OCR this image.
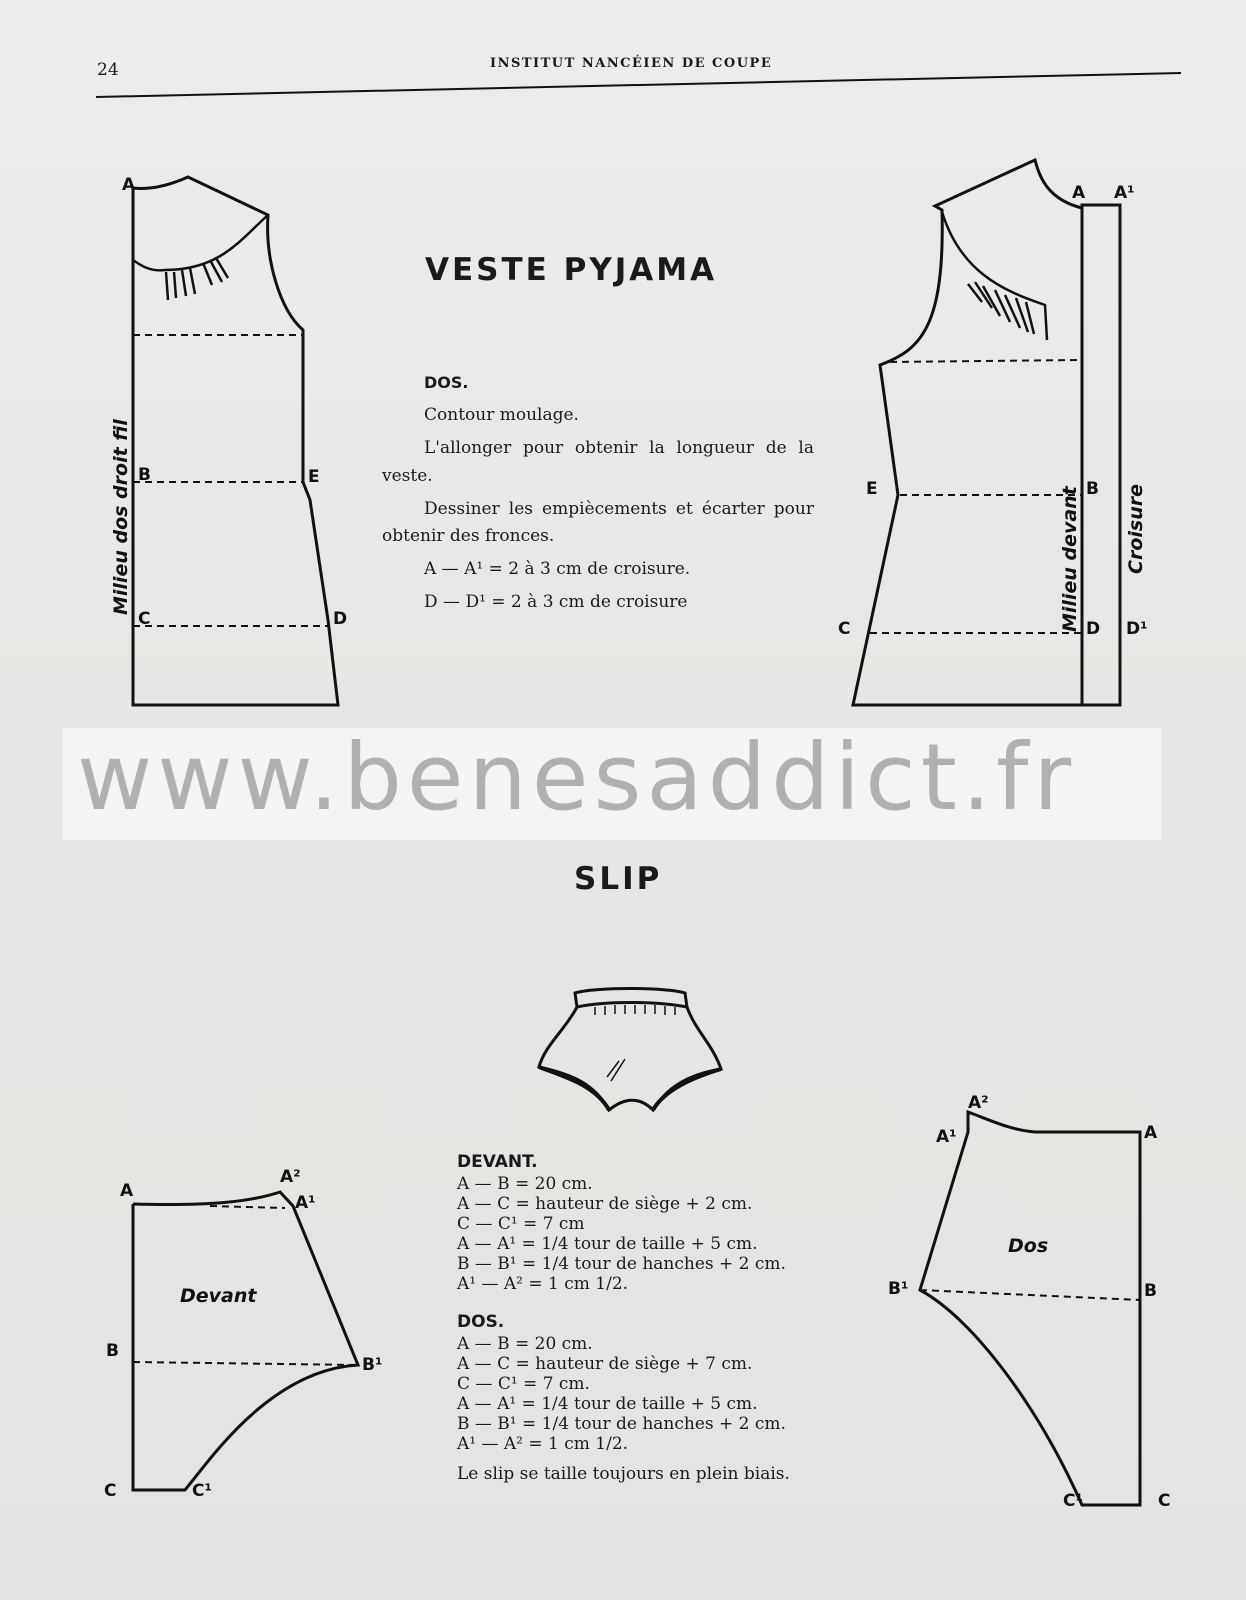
24	INSTITUT NANCÉIEN DE COUPE
VESTE PYJAMA
DOS.

Contour moulage.

L'allonger pour obtenir la longueur de la veste.

Dessiner les empiècements et écarter pour obtenir des fronces.

A — A¹ = 2 à 3 cm de croisure.

D — D¹ = 2 à 3 cm de croisure

A
B	E
C	D
Milieu dos droit fil
A A¹
E	B
C	D D¹
Milieu devant Croisure
www.benesaddict.fr
SLIP
DEVANT.
A — B = 20 cm.
A — C = hauteur de siège + 2 cm.
C — C¹ = 7 cm
A — A¹ = 1/4 tour de taille + 5 cm.
B — B¹ = 1/4 tour de hanches + 2 cm.
A¹ — A² = 1 cm 1/2.
DOS.
A — B = 20 cm.
A — C = hauteur de siège + 7 cm.
C — C¹ = 7 cm.
A — A¹ = 1/4 tour de taille + 5 cm.
B — B¹ = 1/4 tour de hanches + 2 cm.
A¹ — A² = 1 cm 1/2.
Le slip se taille toujours en plein biais.
A
A²
A¹
B
B¹
C	C¹
Devant
A²
A¹	A
B¹	B
C¹	C
Dos
